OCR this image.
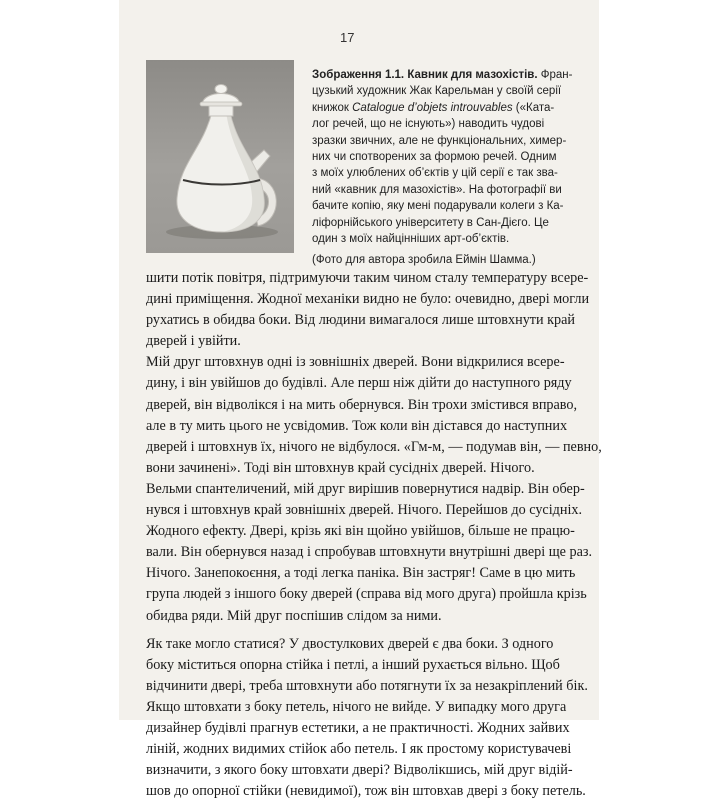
17
Зображення 1.1. Кавник для мазохістів. Фран-
цузький художник Жак Карельман у своїй серії
книжок Catalogue d’objets introuvables («Ката-
лог речей, що не існують») наводить чудові
зразки звичних, але не функціональних, химер-
них чи спотворених за формою речей. Одним
з моїх улюблених об’єктів у цій серії є так зва-
ний «кавник для мазохістів». На фотографії ви
бачите копію, яку мені подарували колеги з Ка-
ліфорнійського університету в Сан-Дієго. Це
один з моїх найцінніших арт-об’єктів.
(Фото для автора зробила Еймін Шамма.)
шити потік повітря, підтримуючи таким чином сталу температуру всере-
дині приміщення. Жодної механіки видно не було: очевидно, двері могли
рухатись в обидва боки. Від людини вимагалося лише штовхнути край
дверей і увійти.
Мій друг штовхнув одні із зовнішніх дверей. Вони відкрилися всере-
дину, і він увійшов до будівлі. Але перш ніж дійти до наступного ряду
дверей, він відволікся і на мить обернувся. Він трохи змістився вправо,
але в ту мить цього не усвідомив. Тож коли він дістався до наступних
дверей і штовхнув їх, нічого не відбулося. «Гм-м, — подумав він, — певно,
вони зачинені». Тоді він штовхнув край сусідніх дверей. Нічого.
Вельми спантеличений, мій друг вирішив повернутися надвір. Він обер-
нувся і штовхнув край зовнішніх дверей. Нічого. Перейшов до сусідніх.
Жодного ефекту. Двері, крізь які він щойно увійшов, більше не працю-
вали. Він обернувся назад і спробував штовхнути внутрішні двері ще раз.
Нічого. Занепокоєння, а тоді легка паніка. Він застряг! Саме в цю мить
група людей з іншого боку дверей (справа від мого друга) пройшла крізь
обидва ряди. Мій друг поспішив слідом за ними.
Як таке могло статися? У двостулкових дверей є два боки. З одного
боку міститься опорна стійка і петлі, а інший рухається вільно. Щоб
відчинити двері, треба штовхнути або потягнути їх за незакріплений бік.
Якщо штовхати з боку петель, нічого не вийде. У випадку мого друга
дизайнер будівлі прагнув естетики, а не практичності. Жодних зайвих
ліній, жодних видимих стійок або петель. І як простому користувачеві
визначити, з якого боку штовхати двері? Відволікшись, мій друг відій-
шов до опорної стійки (невидимої), тож він штовхав двері з боку петель.
